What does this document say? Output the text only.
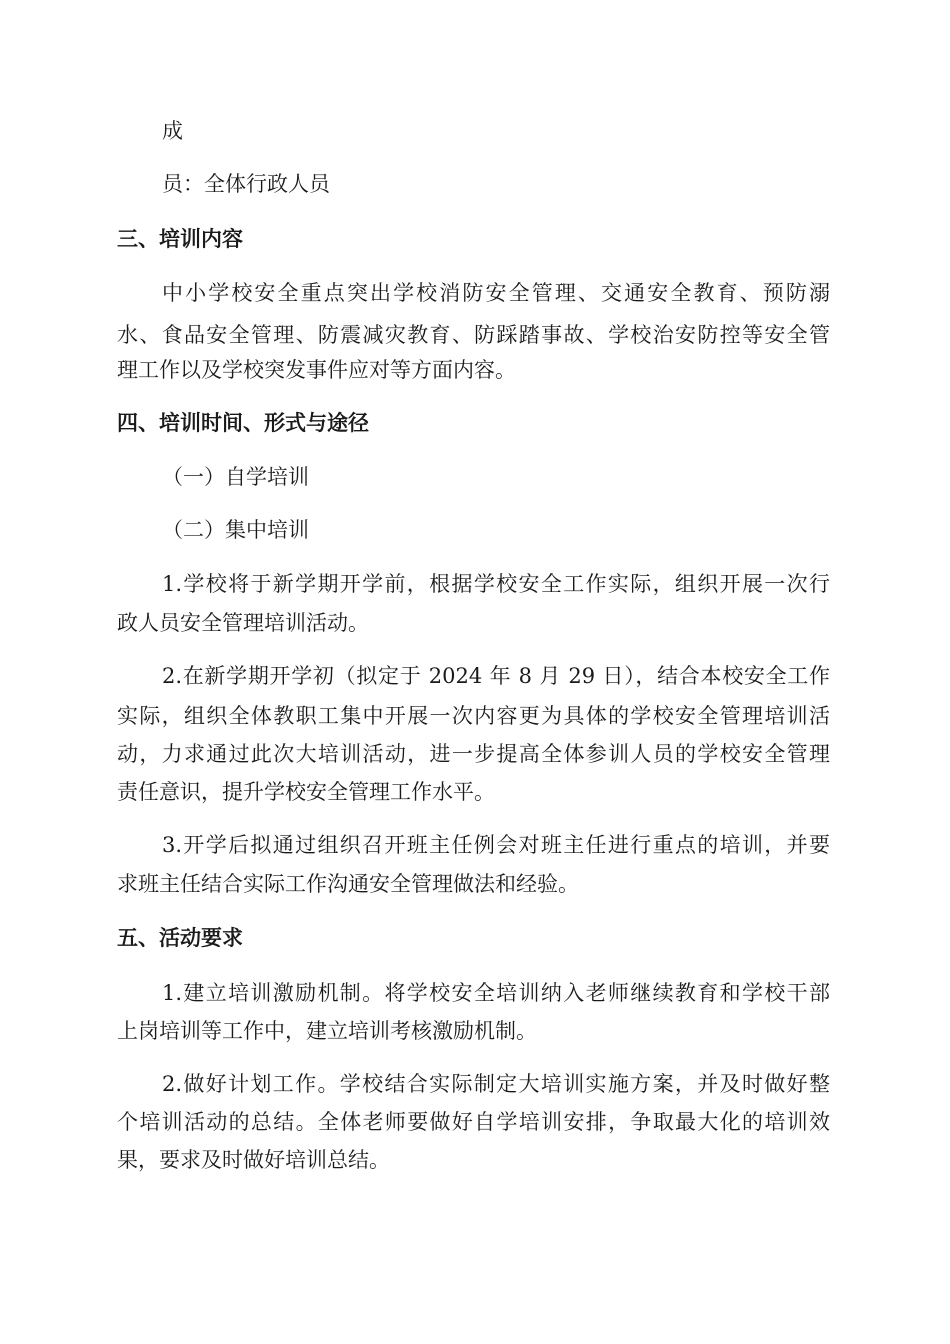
成

员：全体行政人员

三、培训内容

中小学校安全重点突出学校消防安全管理、交通安全教育、预防溺

水、食品安全管理、防震减灾教育、防踩踏事故、学校治安防控等安全管

理工作以及学校突发事件应对等方面内容。

四、培训时间、形式与途径

（一）自学培训

（二）集中培训

1.学校将于新学期开学前，根据学校安全工作实际，组织开展一次行

政人员安全管理培训活动。

2.在新学期开学初（拟定于 2024 年 8 月 29 日），结合本校安全工作

实际，组织全体教职工集中开展一次内容更为具体的学校安全管理培训活

动，力求通过此次大培训活动，进一步提高全体参训人员的学校安全管理

责任意识，提升学校安全管理工作水平。

3.开学后拟通过组织召开班主任例会对班主任进行重点的培训，并要

求班主任结合实际工作沟通安全管理做法和经验。

五、活动要求

1.建立培训激励机制。将学校安全培训纳入老师继续教育和学校干部

上岗培训等工作中，建立培训考核激励机制。

2.做好计划工作。学校结合实际制定大培训实施方案，并及时做好整

个培训活动的总结。全体老师要做好自学培训安排，争取最大化的培训效

果，要求及时做好培训总结。
